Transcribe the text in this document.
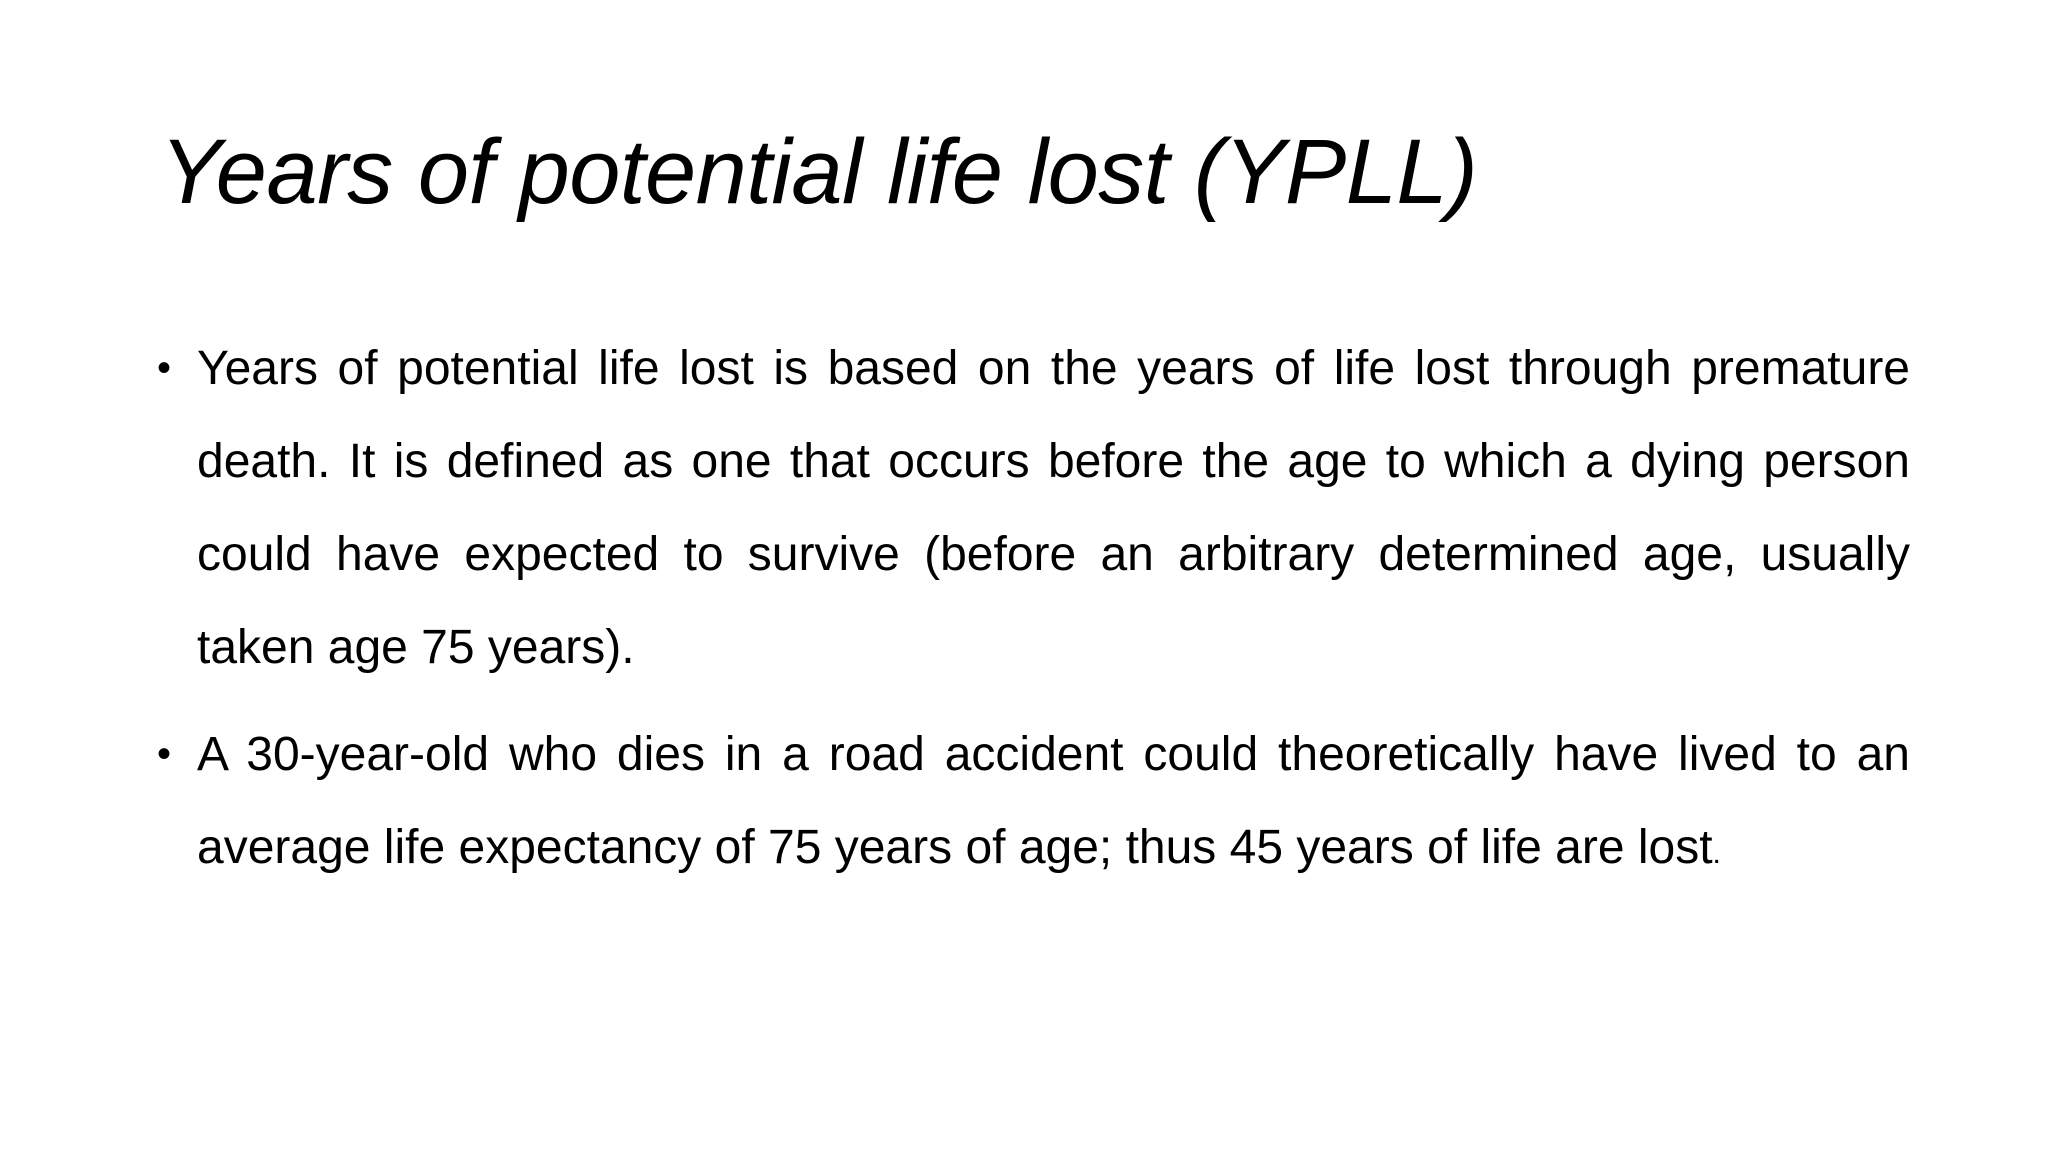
Years of potential life lost (YPLL)
• Years of potential life lost is based on the years of life lost through premature death. It is defined as one that occurs before the age to which a dying person could have expected to survive (before an arbitrary determined age, usually taken age 75 years).
• A 30-year-old who dies in a road accident could theoretically have lived to an average life expectancy of 75 years of age; thus 45 years of life are lost.
